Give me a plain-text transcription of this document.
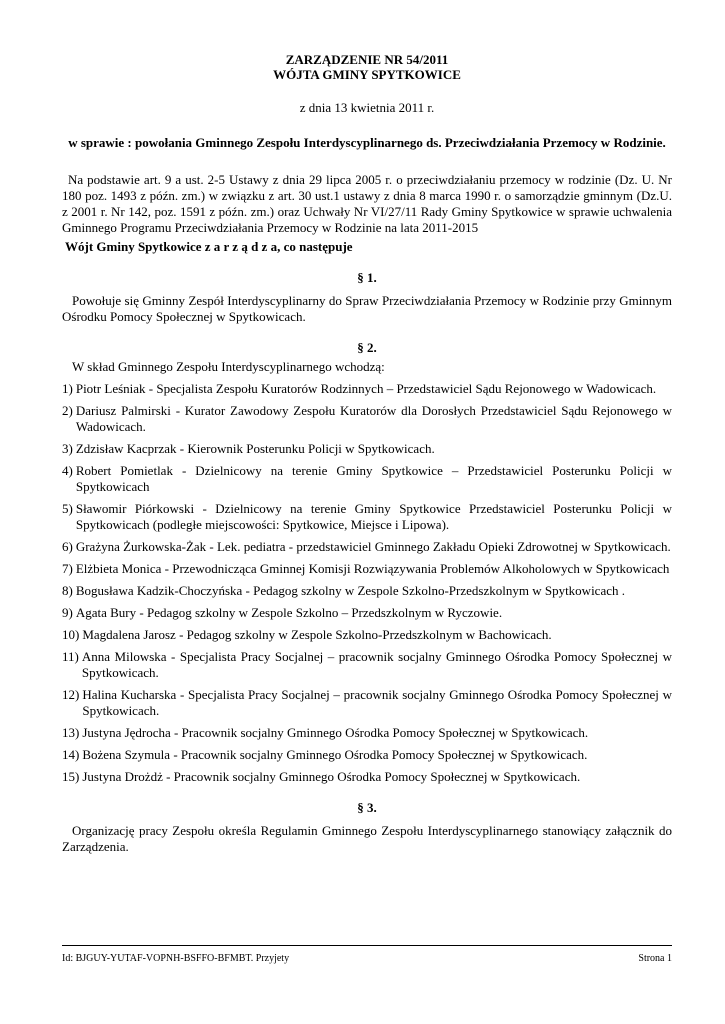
ZARZĄDZENIE NR 54/2011
WÓJTA GMINY SPYTKOWICE
z dnia 13 kwietnia 2011 r.
w sprawie : powołania Gminnego Zespołu Interdyscyplinarnego ds. Przeciwdziałania Przemocy w Rodzinie.
Na podstawie art. 9 a ust. 2-5 Ustawy z dnia 29 lipca 2005 r. o przeciwdziałaniu przemocy w rodzinie (Dz. U. Nr 180 poz. 1493 z późn. zm.) w związku z art. 30 ust.1 ustawy z dnia 8 marca 1990 r. o samorządzie gminnym (Dz.U. z 2001 r. Nr 142, poz. 1591 z późn. zm.) oraz Uchwały Nr VI/27/11 Rady Gminy Spytkowice w sprawie uchwalenia Gminnego Programu Przeciwdziałania Przemocy w Rodzinie na lata 2011-2015
Wójt Gminy Spytkowice z a r z ą d z a, co następuje
§ 1.
Powołuje się Gminny Zespół Interdyscyplinarny do Spraw Przeciwdziałania Przemocy w Rodzinie przy Gminnym Ośrodku Pomocy Społecznej w Spytkowicach.
§ 2.
W skład Gminnego Zespołu Interdyscyplinarnego wchodzą:
1) Piotr Leśniak - Specjalista Zespołu Kuratorów Rodzinnych – Przedstawiciel Sądu Rejonowego w Wadowicach.
2) Dariusz Palmirski - Kurator Zawodowy Zespołu Kuratorów dla Dorosłych Przedstawiciel Sądu Rejonowego w Wadowicach.
3) Zdzisław Kacprzak - Kierownik Posterunku Policji w Spytkowicach.
4) Robert Pomietlak - Dzielnicowy na terenie Gminy Spytkowice – Przedstawiciel Posterunku Policji w Spytkowicach
5) Sławomir Piórkowski - Dzielnicowy na terenie Gminy Spytkowice Przedstawiciel Posterunku Policji w Spytkowicach (podległe miejscowości: Spytkowice, Miejsce i Lipowa).
6) Grażyna Żurkowska-Żak - Lek. pediatra - przedstawiciel Gminnego Zakładu Opieki Zdrowotnej w Spytkowicach.
7) Elżbieta Monica - Przewodnicząca Gminnej Komisji Rozwiązywania Problemów Alkoholowych w Spytkowicach
8) Bogusława Kadzik-Choczyńska - Pedagog szkolny w Zespole Szkolno-Przedszkolnym w Spytkowicach .
9) Agata Bury - Pedagog szkolny w Zespole Szkolno – Przedszkolnym w Ryczowie.
10) Magdalena Jarosz - Pedagog szkolny w Zespole Szkolno-Przedszkolnym w Bachowicach.
11) Anna Milowska - Specjalista Pracy Socjalnej – pracownik socjalny Gminnego Ośrodka Pomocy Społecznej w Spytkowicach.
12) Halina Kucharska - Specjalista Pracy Socjalnej – pracownik socjalny Gminnego Ośrodka Pomocy Społecznej w Spytkowicach.
13) Justyna Jędrocha - Pracownik socjalny Gminnego Ośrodka Pomocy Społecznej w Spytkowicach.
14) Bożena Szymula - Pracownik socjalny Gminnego Ośrodka Pomocy Społecznej w Spytkowicach.
15) Justyna Drożdż - Pracownik socjalny Gminnego Ośrodka Pomocy Społecznej w Spytkowicach.
§ 3.
Organizację pracy Zespołu określa Regulamin Gminnego Zespołu Interdyscyplinarnego stanowiący załącznik do Zarządzenia.
Id: BJGUY-YUTAF-VOPNH-BSFFO-BFMBT. Przyjety	Strona 1
